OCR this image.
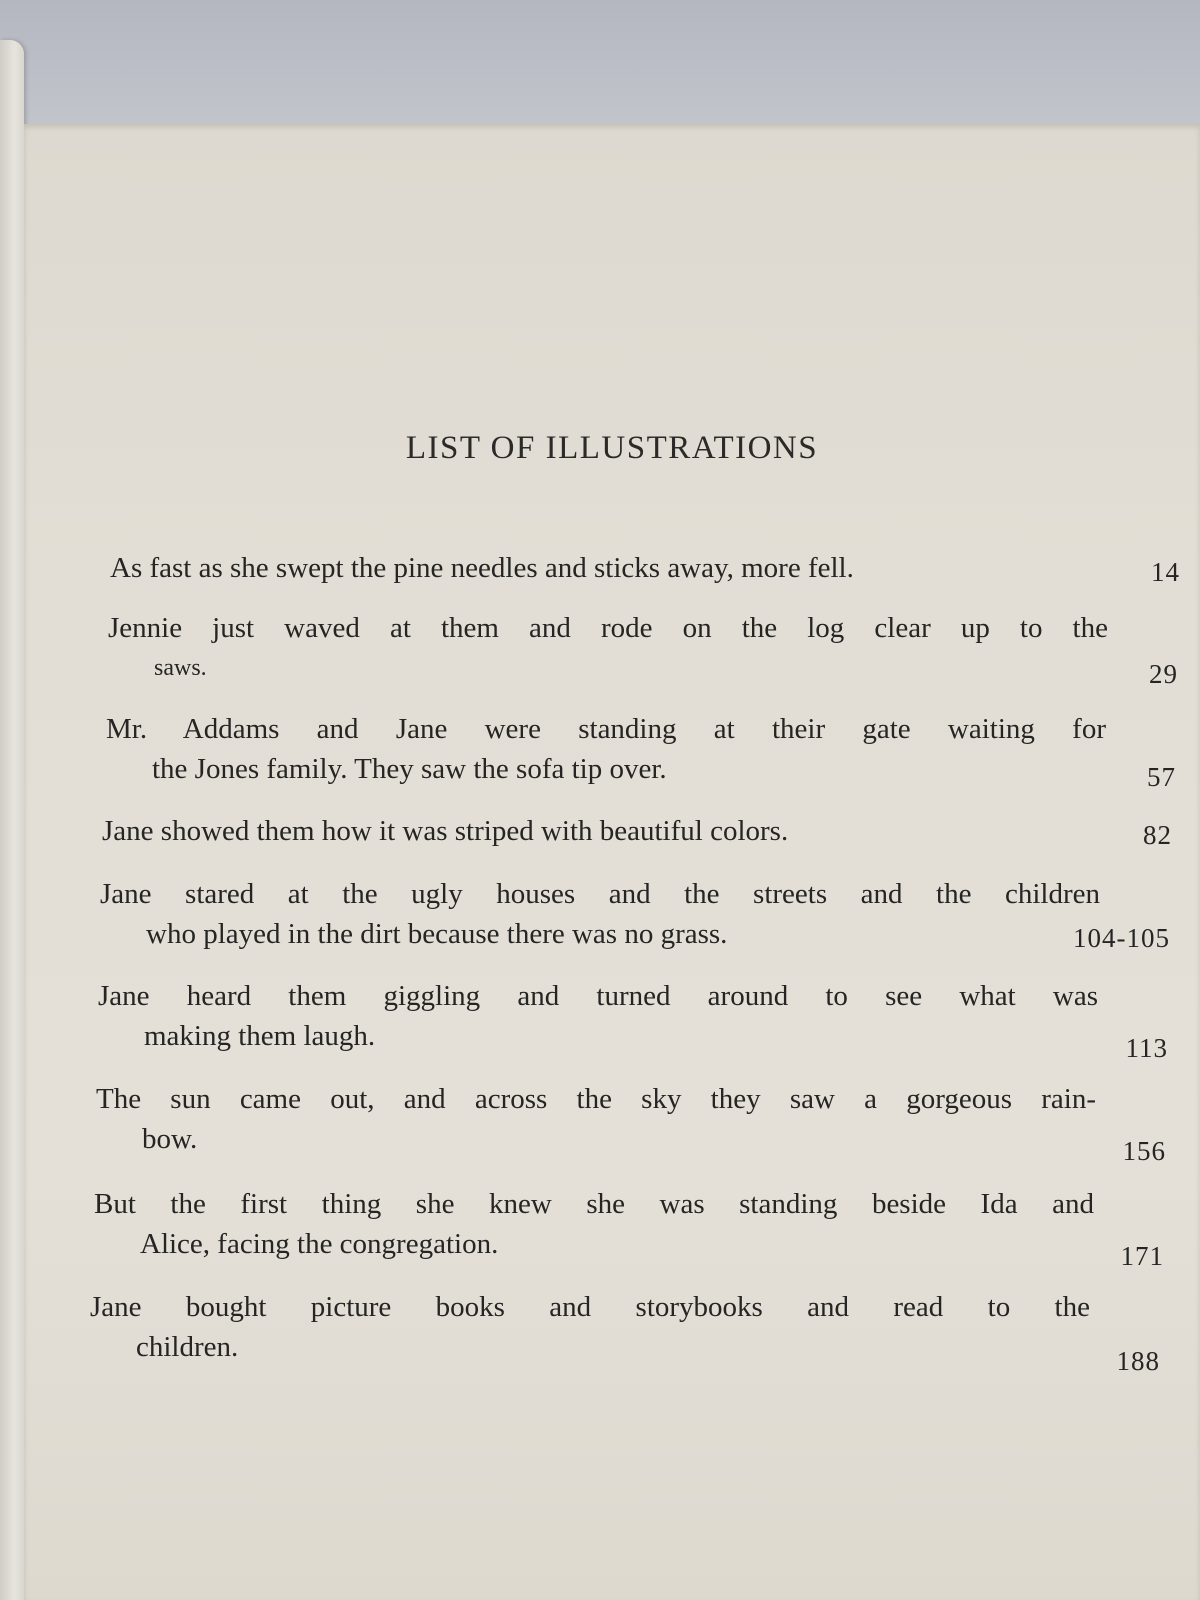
LIST OF ILLUSTRATIONS
As fast as she swept the pine needles and sticks away, more fell.	14
Jennie just waved at them and rode on the log clear up to the
saws.	29
Mr. Addams and Jane were standing at their gate waiting for
the Jones family. They saw the sofa tip over.	57
Jane showed them how it was striped with beautiful colors.	82
Jane stared at the ugly houses and the streets and the children
who played in the dirt because there was no grass.	104-105
Jane heard them giggling and turned around to see what was
making them laugh.	113
The sun came out, and across the sky they saw a gorgeous rain-
bow.	156
But the first thing she knew she was standing beside Ida and
Alice, facing the congregation.	171
Jane bought picture books and storybooks and read to the
children.	188
